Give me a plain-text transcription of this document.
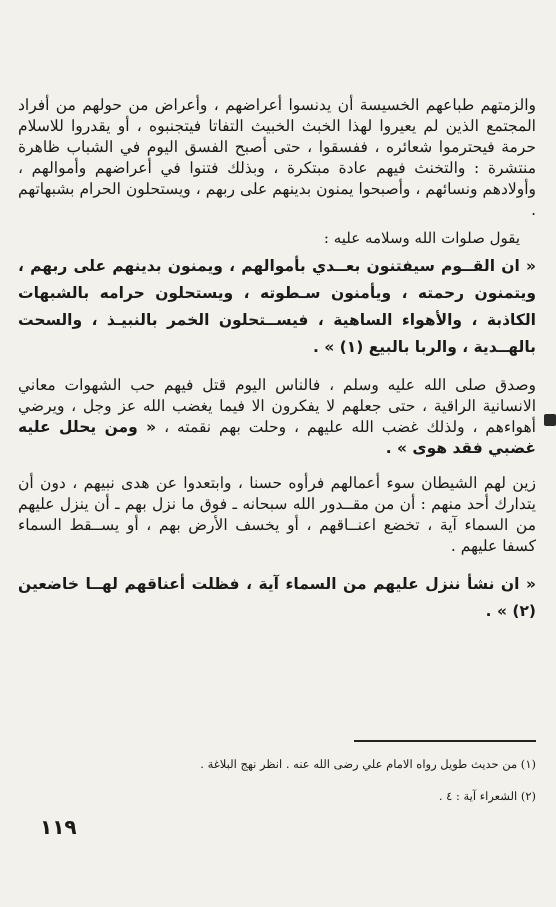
والزمتهم طباعهم الخسيسة أن يدنسوا أعراضهم ، وأعراض من حولهم من أفراد المجتمع الذين لم يعيروا لهذا الخبث الخبيث التفاتا فيتجنبوه ، أو يقدروا للاسلام حرمة فيحترموا شعائره ، ففسقوا ، حتى أصبح الفسق اليوم في الشباب ظاهرة منتشرة : والتخنث فيهم عادة مبتكرة ، وبذلك فتنوا في أعراضهم وأموالهم ، وأولادهم ونسائهم ، وأصبحوا يمنون بدينهم على ربهم ، ويستحلون الحرام بشبهاتهم .

يقول صلوات الله وسلامه عليه :

« ان القــوم سيفتنون بعــدي بأموالهم ، ويمنون بدينهم على ربهم ، ويتمنون رحمته ، ويأمنون سـطوته ، ويستحلون حرامه بالشبهات الكاذبة ، والأهواء الساهية ، فيســتحلون الخمر بالنبيـذ ، والسحت بالهــدية ، والربا بالبيع (١) » .

وصدق صلى الله عليه وسلم ، فالناس اليوم قتل فيهم حب الشهوات معاني الانسانية الراقية ، حتى جعلهم لا يفكرون الا فيما يغضب الله عز وجل ، ويرضي أهواءهم ، ولذلك غضب الله عليهم ، وحلت بهم نقمته ، « ومن يحلل عليه غضبي فقد هوى » .

زين لهم الشيطان سوء أعمالهم فرأوه حسنا ، وابتعدوا عن هدى نبيهم ، دون أن يتدارك أحد منهم : أن من مقــدور الله سبحانه ـ فوق ما نزل بهم ـ أن ينزل عليهم من السماء آية ، تخضع اعنــاقهم ، أو يخسف الأرض بهم ، أو يســقط السماء كسفا عليهم .

« ان نشأ ننزل عليهم من السماء آية ، فظلت أعناقهم لهــا خاضعين (٢) » .

(١) من حديث طويل رواه الامام علي رضى الله عنه . انظر نهج البلاغة .

(٢) الشعراء آية : ٤ .

١١٩
